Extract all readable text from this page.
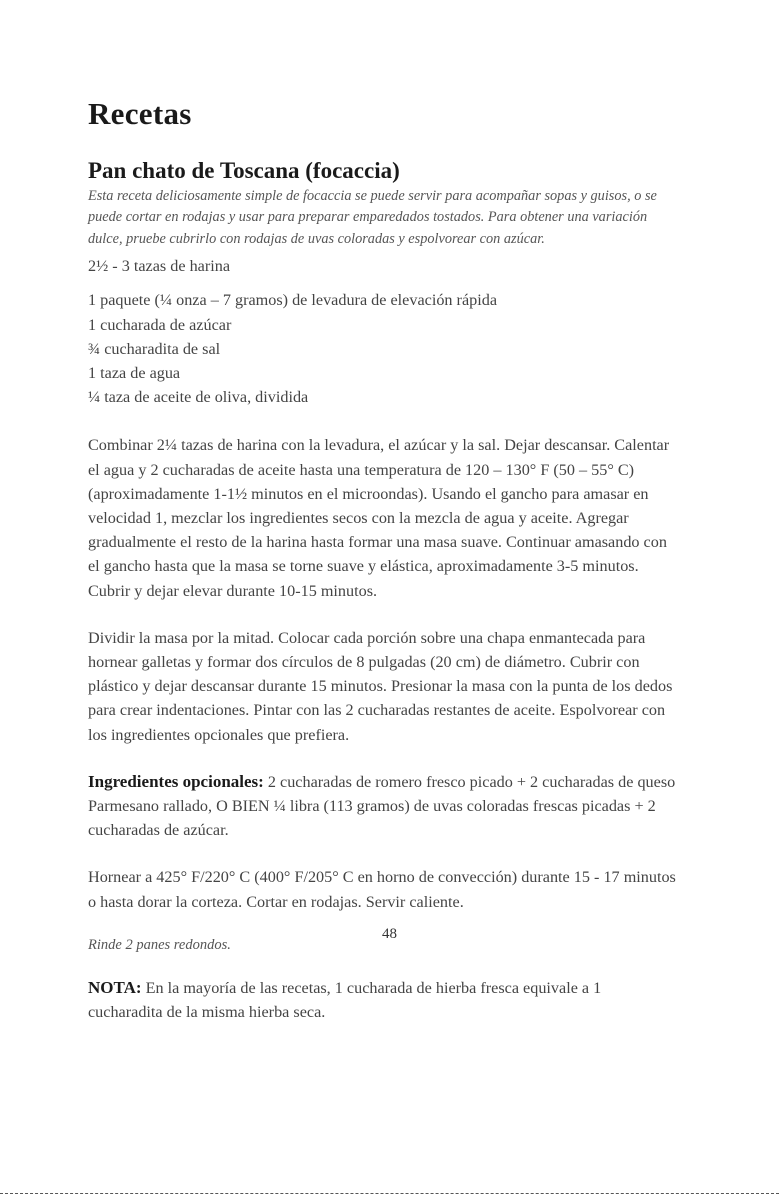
Recetas
Pan chato de Toscana (focaccia)

Esta receta deliciosamente simple de focaccia se puede servir para acompañar sopas y guisos, o se puede cortar en rodajas y usar para preparar emparedados tostados. Para obtener una variación dulce, pruebe cubrirlo con rodajas de uvas coloradas y espolvorear con azúcar.

2½ - 3 tazas de harina

1 paquete (¼ onza – 7 gramos) de levadura de elevación rápida
1 cucharada de azúcar
¾ cucharadita de sal
1 taza de agua
¼ taza de aceite de oliva, dividida

Combinar 2¼ tazas de harina con la levadura, el azúcar y la sal. Dejar descansar. Calentar el agua y 2 cucharadas de aceite hasta una temperatura de 120 – 130° F (50 – 55° C) (aproximadamente 1-1½ minutos en el microondas). Usando el gancho para amasar en velocidad 1, mezclar los ingredientes secos con la mezcla de agua y aceite. Agregar gradualmente el resto de la harina hasta formar una masa suave. Continuar amasando con el gancho hasta que la masa se torne suave y elástica, aproximadamente 3-5 minutos. Cubrir y dejar elevar durante 10-15 minutos.

Dividir la masa por la mitad. Colocar cada porción sobre una chapa enmantecada para hornear galletas y formar dos círculos de 8 pulgadas (20 cm) de diámetro. Cubrir con plástico y dejar descansar durante 15 minutos. Presionar la masa con la punta de los dedos para crear indentaciones. Pintar con las 2 cucharadas restantes de aceite. Espolvorear con los ingredientes opcionales que prefiera.

Ingredientes opcionales: 2 cucharadas de romero fresco picado + 2 cucharadas de queso Parmesano rallado, O BIEN ¼ libra (113 gramos) de uvas coloradas frescas picadas + 2 cucharadas de azúcar.

Hornear a 425° F/220° C (400° F/205° C en horno de convección) durante 15 - 17 minutos o hasta dorar la corteza. Cortar en rodajas. Servir caliente.

Rinde 2 panes redondos.

NOTA: En la mayoría de las recetas, 1 cucharada de hierba fresca equivale a 1 cucharadita de la misma hierba seca.

48
